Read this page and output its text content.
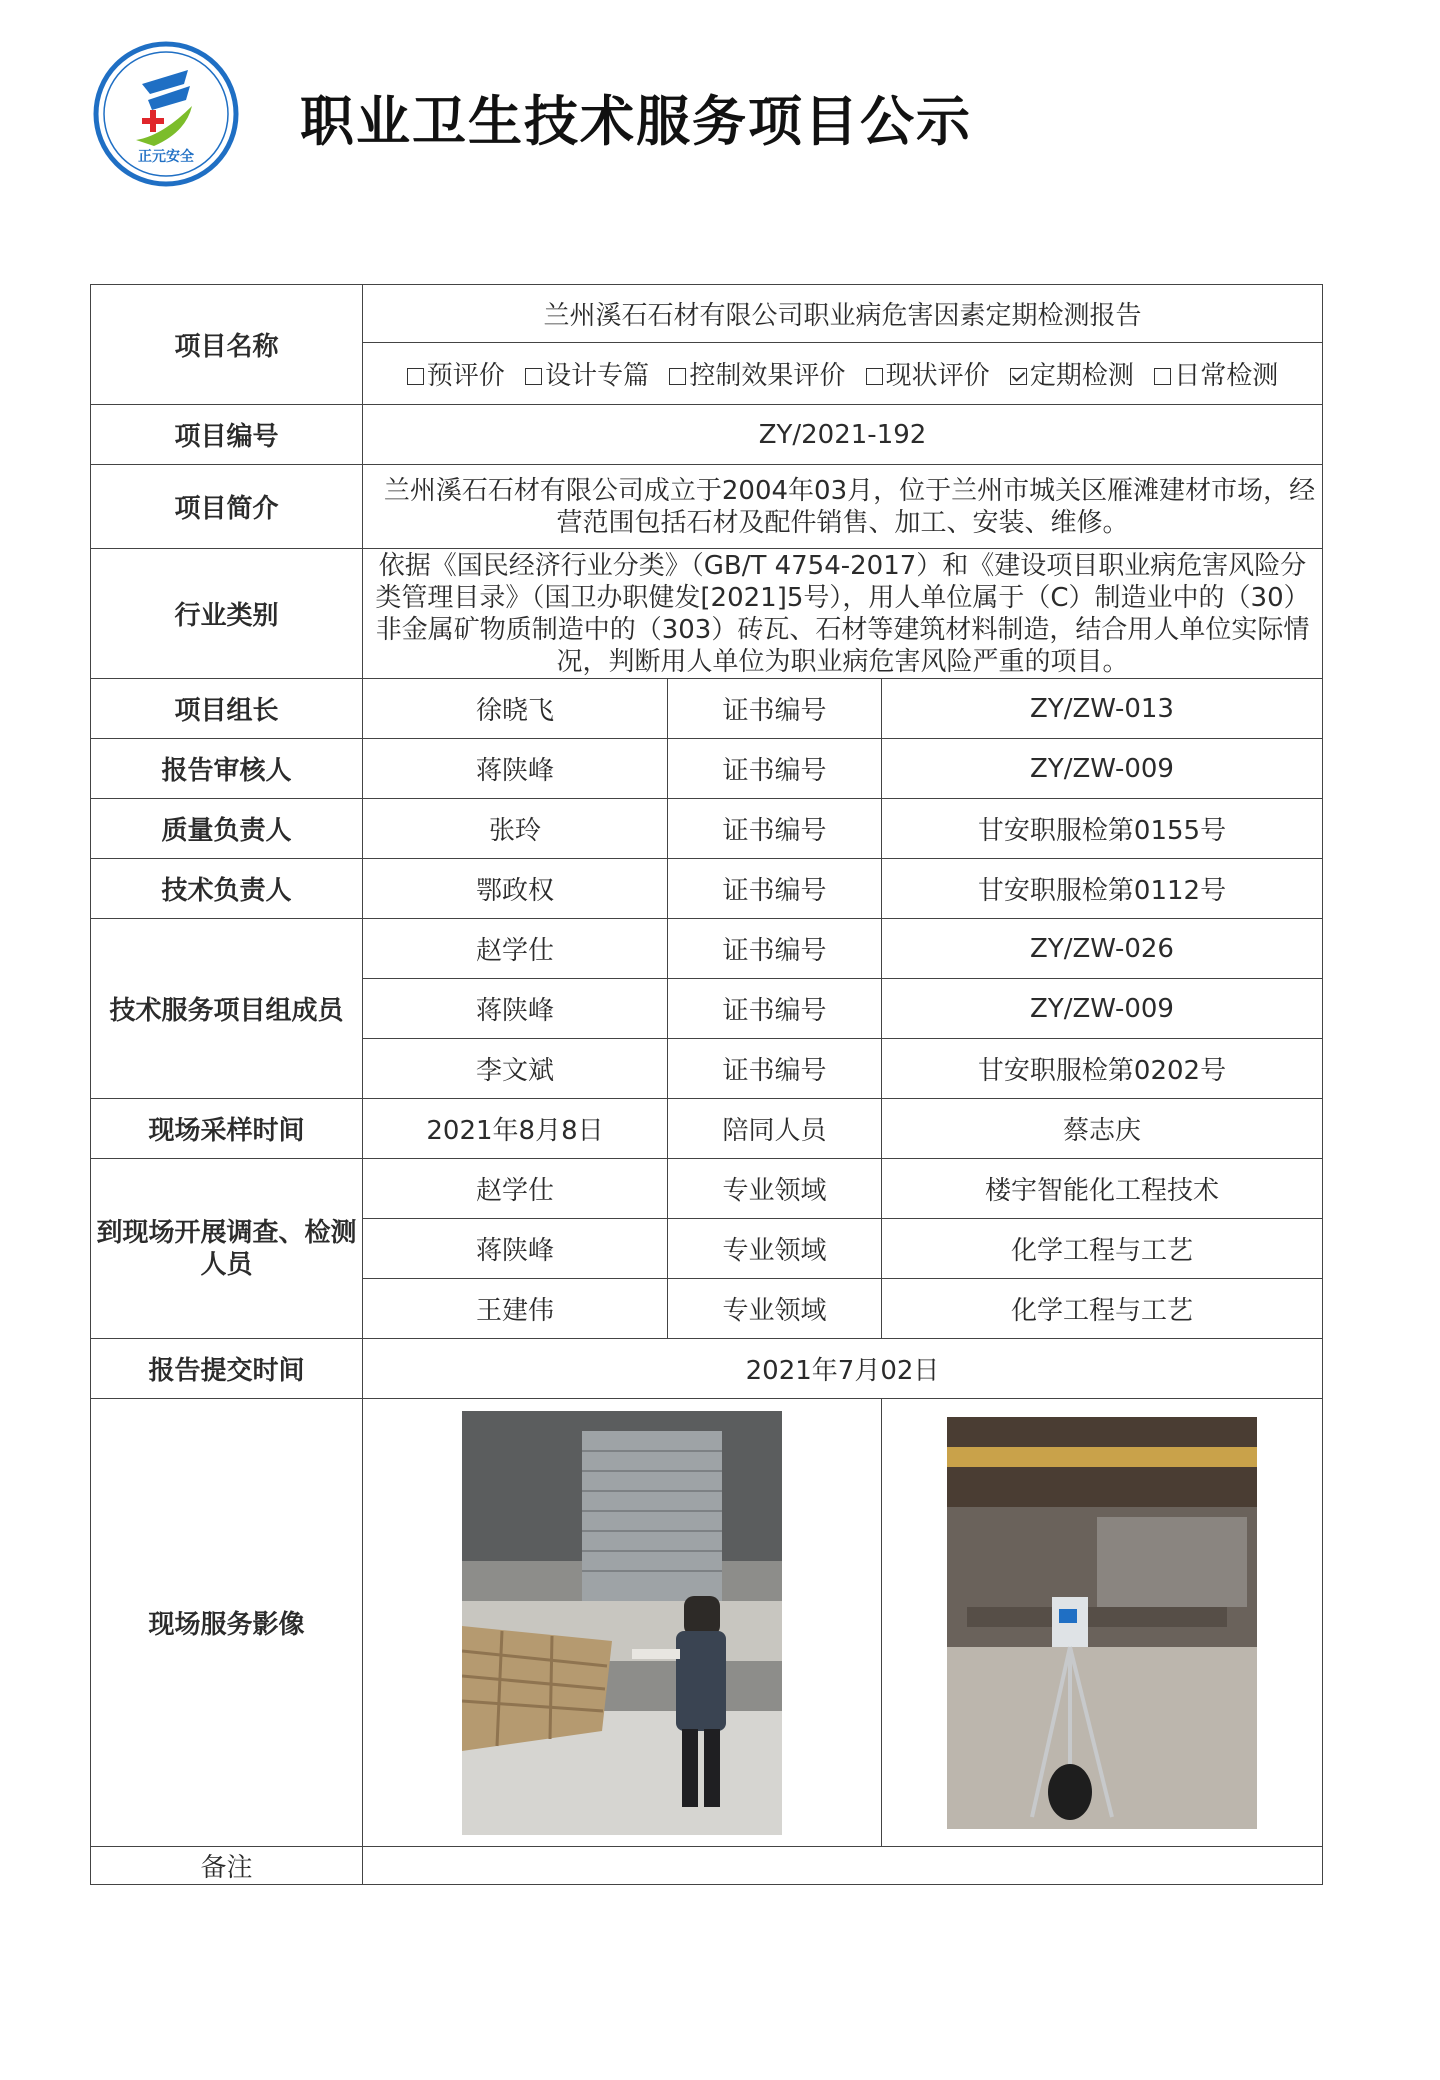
正元安全
职业卫生技术服务项目公示
项目名称	兰州溪石石材有限公司职业病危害因素定期检测报告		
	预评价 设计专篇 控制效果评价 现状评价 定期检测 日常检测		
项目编号	ZY/2021-192		
项目简介	兰州溪石石材有限公司成立于2004年03月，位于兰州市城关区雁滩建材市场，经营范围包括石材及配件销售、加工、安装、维修。		
行业类别	依据《国民经济行业分类》（GB/T 4754-2017）和《建设项目职业病危害风险分类管理目录》（国卫办职健发[2021]5号），用人单位属于（C）制造业中的（30）非金属矿物质制造中的（303）砖瓦、石材等建筑材料制造，结合用人单位实际情况，判断用人单位为职业病危害风险严重的项目。		
项目组长	徐晓飞	证书编号	ZY/ZW-013
报告审核人	蒋陕峰	证书编号	ZY/ZW-009
质量负责人	张玲	证书编号	甘安职服检第0155号
技术负责人	鄂政权	证书编号	甘安职服检第0112号
技术服务项目组成员	赵学仕	证书编号	ZY/ZW-026
	蒋陕峰	证书编号	ZY/ZW-009
	李文斌	证书编号	甘安职服检第0202号
现场采样时间	2021年8月8日	陪同人员	蔡志庆
到现场开展调查、检测人员	赵学仕	专业领域	楼宇智能化工程技术
	蒋陕峰	专业领域	化学工程与工艺
	王建伟	专业领域	化学工程与工艺
报告提交时间	2021年7月02日		
现场服务影像	

备注			
